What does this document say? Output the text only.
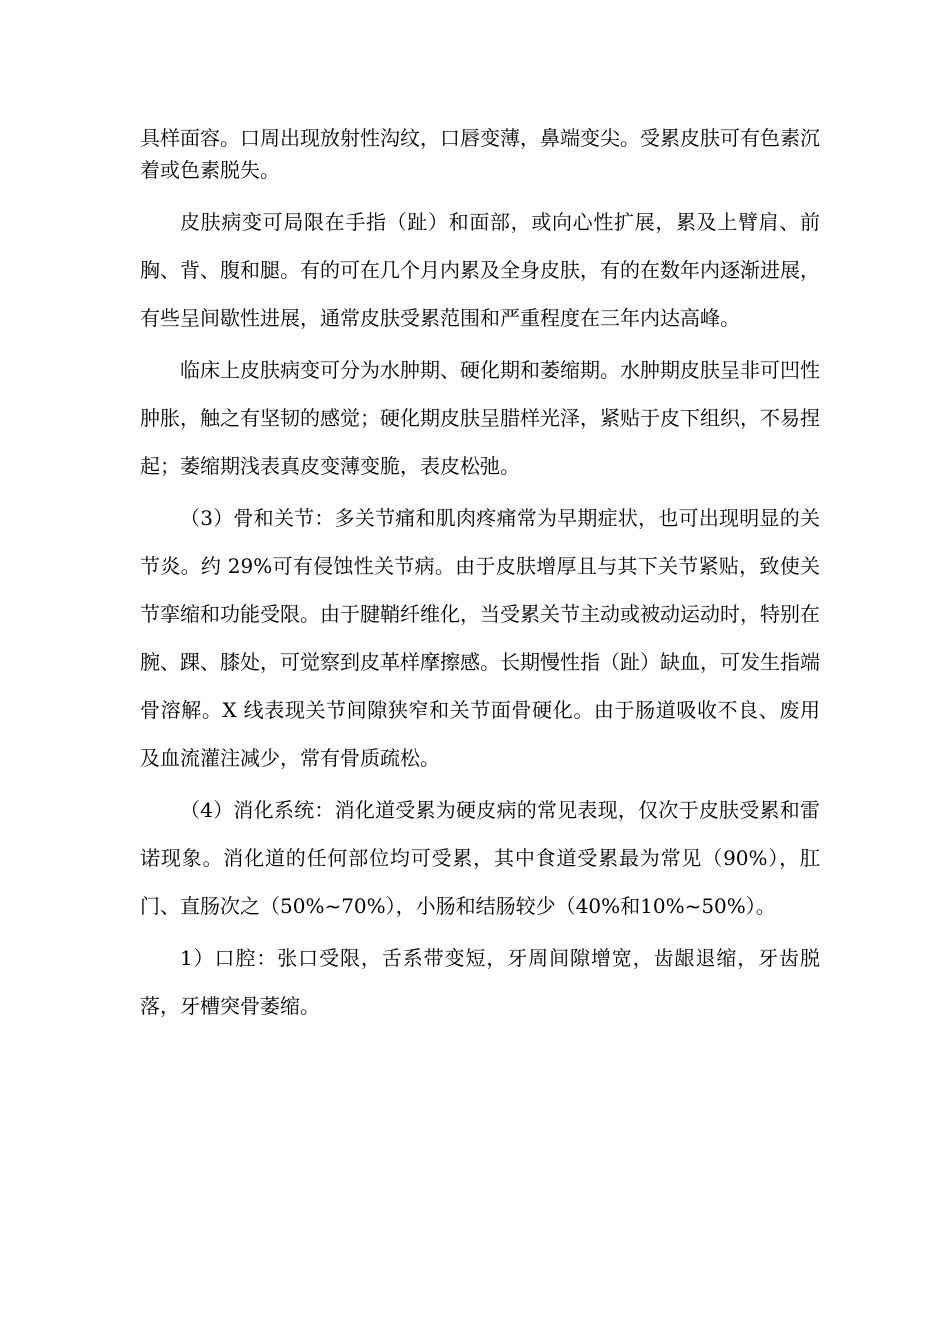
具样面容。口周出现放射性沟纹，口唇变薄，鼻端变尖。受累皮肤可有色素沉着或色素脱失。

皮肤病变可局限在手指（趾）和面部，或向心性扩展，累及上臂肩、前胸、背、腹和腿。有的可在几个月内累及全身皮肤，有的在数年内逐渐进展，有些呈间歇性进展，通常皮肤受累范围和严重程度在三年内达高峰。

临床上皮肤病变可分为水肿期、硬化期和萎缩期。水肿期皮肤呈非可凹性肿胀，触之有坚韧的感觉；硬化期皮肤呈腊样光泽，紧贴于皮下组织，不易捏起；萎缩期浅表真皮变薄变脆，表皮松弛。

（3）骨和关节：多关节痛和肌肉疼痛常为早期症状，也可出现明显的关节炎。约 29%可有侵蚀性关节病。由于皮肤增厚且与其下关节紧贴，致使关节挛缩和功能受限。由于腱鞘纤维化，当受累关节主动或被动运动时，特别在腕、踝、膝处，可觉察到皮革样摩擦感。长期慢性指（趾）缺血，可发生指端骨溶解。X 线表现关节间隙狭窄和关节面骨硬化。由于肠道吸收不良、废用及血流灌注减少，常有骨质疏松。

（4）消化系统：消化道受累为硬皮病的常见表现，仅次于皮肤受累和雷诺现象。消化道的任何部位均可受累，其中食道受累最为常见（90%），肛门、直肠次之（50%~70%），小肠和结肠较少（40%和10%~50%）。

1）口腔：张口受限，舌系带变短，牙周间隙增宽，齿龈退缩，牙齿脱落，牙槽突骨萎缩。
